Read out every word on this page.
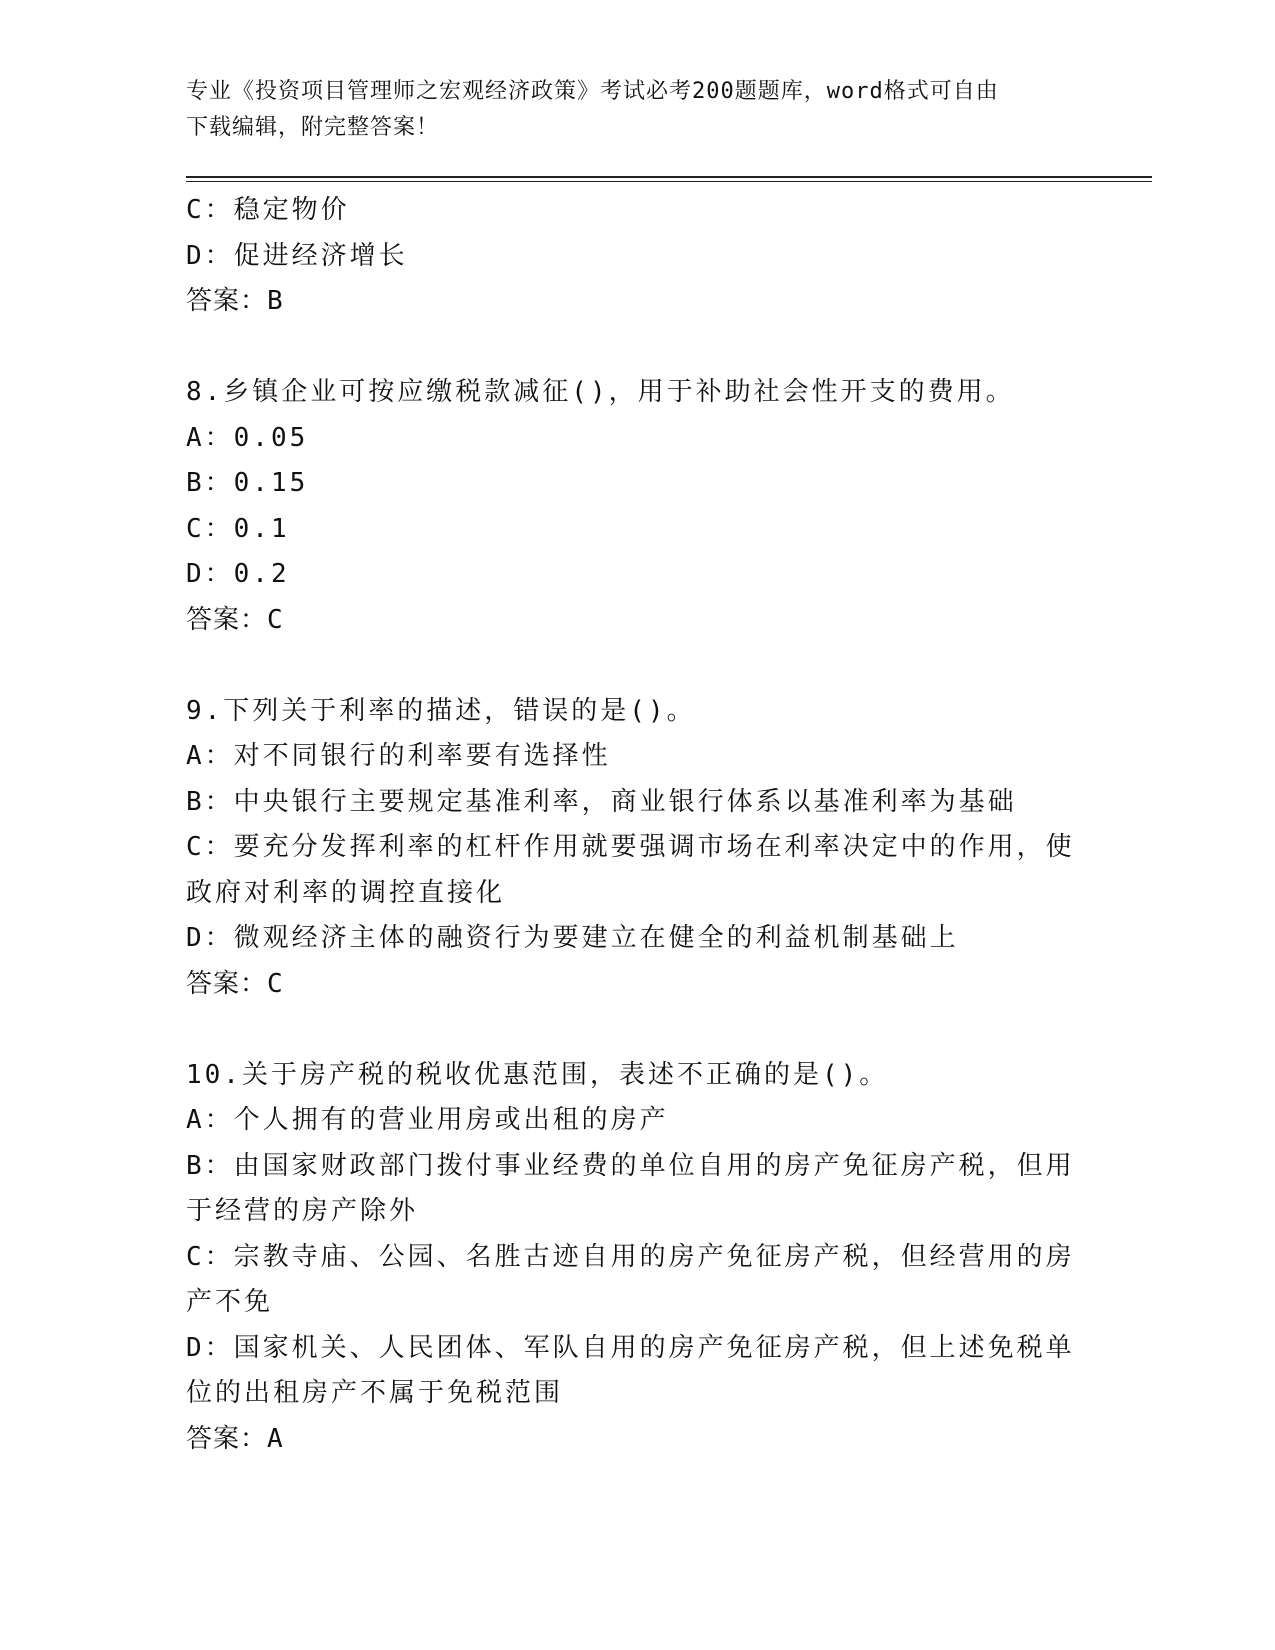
专业《投资项目管理师之宏观经济政策》考试必考200题题库，word格式可自由
下载编辑，附完整答案！
C：稳定物价
D：促进经济增长
答案：B
8.乡镇企业可按应缴税款减征()，用于补助社会性开支的费用。
A：0.05
B：0.15
C：0.1
D：0.2
答案：C
9.下列关于利率的描述，错误的是()。
A：对不同银行的利率要有选择性
B：中央银行主要规定基准利率，商业银行体系以基准利率为基础
C：要充分发挥利率的杠杆作用就要强调市场在利率决定中的作用，使
政府对利率的调控直接化
D：微观经济主体的融资行为要建立在健全的利益机制基础上
答案：C
10.关于房产税的税收优惠范围，表述不正确的是()。
A：个人拥有的营业用房或出租的房产
B：由国家财政部门拨付事业经费的单位自用的房产免征房产税，但用
于经营的房产除外
C：宗教寺庙、公园、名胜古迹自用的房产免征房产税，但经营用的房
产不免
D：国家机关、人民团体、军队自用的房产免征房产税，但上述免税单
位的出租房产不属于免税范围
答案：A
